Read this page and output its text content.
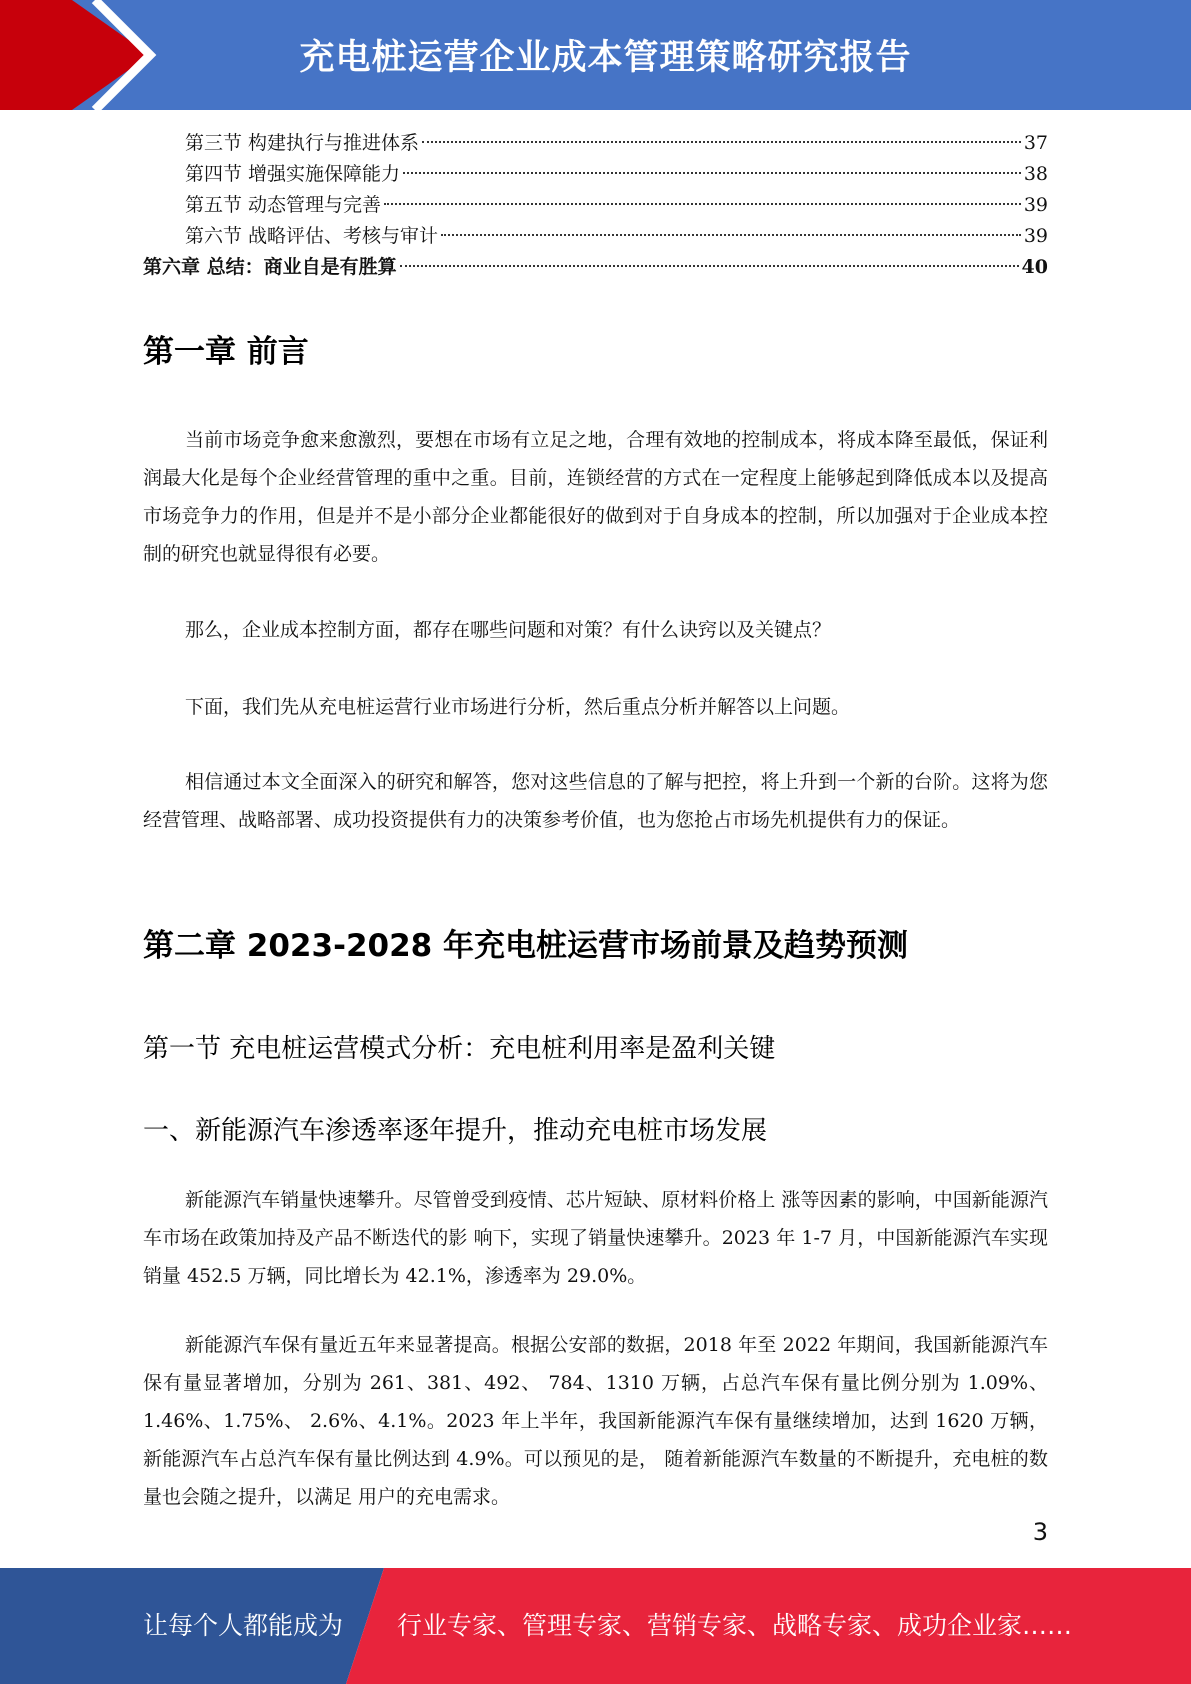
充电桩运营企业成本管理策略研究报告
第三节 构建执行与推进体系	37
第四节 增强实施保障能力	38
第五节 动态管理与完善	39
第六节 战略评估、考核与审计	39
第六章 总结：商业自是有胜算	40
第一章 前言
当前市场竞争愈来愈激烈，要想在市场有立足之地，合理有效地的控制成本，将成本降至最低，保证利润最大化是每个企业经营管理的重中之重。目前，连锁经营的方式在一定程度上能够起到降低成本以及提高市场竞争力的作用，但是并不是小部分企业都能很好的做到对于自身成本的控制，所以加强对于企业成本控制的研究也就显得很有必要。
那么，企业成本控制方面，都存在哪些问题和对策？有什么诀窍以及关键点？
下面，我们先从充电桩运营行业市场进行分析，然后重点分析并解答以上问题。
相信通过本文全面深入的研究和解答，您对这些信息的了解与把控，将上升到一个新的台阶。这将为您经营管理、战略部署、成功投资提供有力的决策参考价值，也为您抢占市场先机提供有力的保证。
第二章 2023-2028 年充电桩运营市场前景及趋势预测
第一节 充电桩运营模式分析：充电桩利用率是盈利关键
一、新能源汽车渗透率逐年提升，推动充电桩市场发展
新能源汽车销量快速攀升。尽管曾受到疫情、芯片短缺、原材料价格上 涨等因素的影响，中国新能源汽车市场在政策加持及产品不断迭代的影 响下，实现了销量快速攀升。2023 年 1-7 月，中国新能源汽车实现销量 452.5 万辆，同比增长为 42.1%，渗透率为 29.0%。
新能源汽车保有量近五年来显著提高。根据公安部的数据，2018 年至 2022 年期间，我国新能源汽车保有量显著增加，分别为 261、381、492、 784、1310 万辆，占总汽车保有量比例分别为 1.09%、1.46%、1.75%、 2.6%、4.1%。2023 年上半年，我国新能源汽车保有量继续增加，达到 1620 万辆，新能源汽车占总汽车保有量比例达到 4.9%。可以预见的是， 随着新能源汽车数量的不断提升，充电桩的数量也会随之提升，以满足 用户的充电需求。
3
让每个人都能成为 行业专家、管理专家、营销专家、战略专家、成功企业家……
